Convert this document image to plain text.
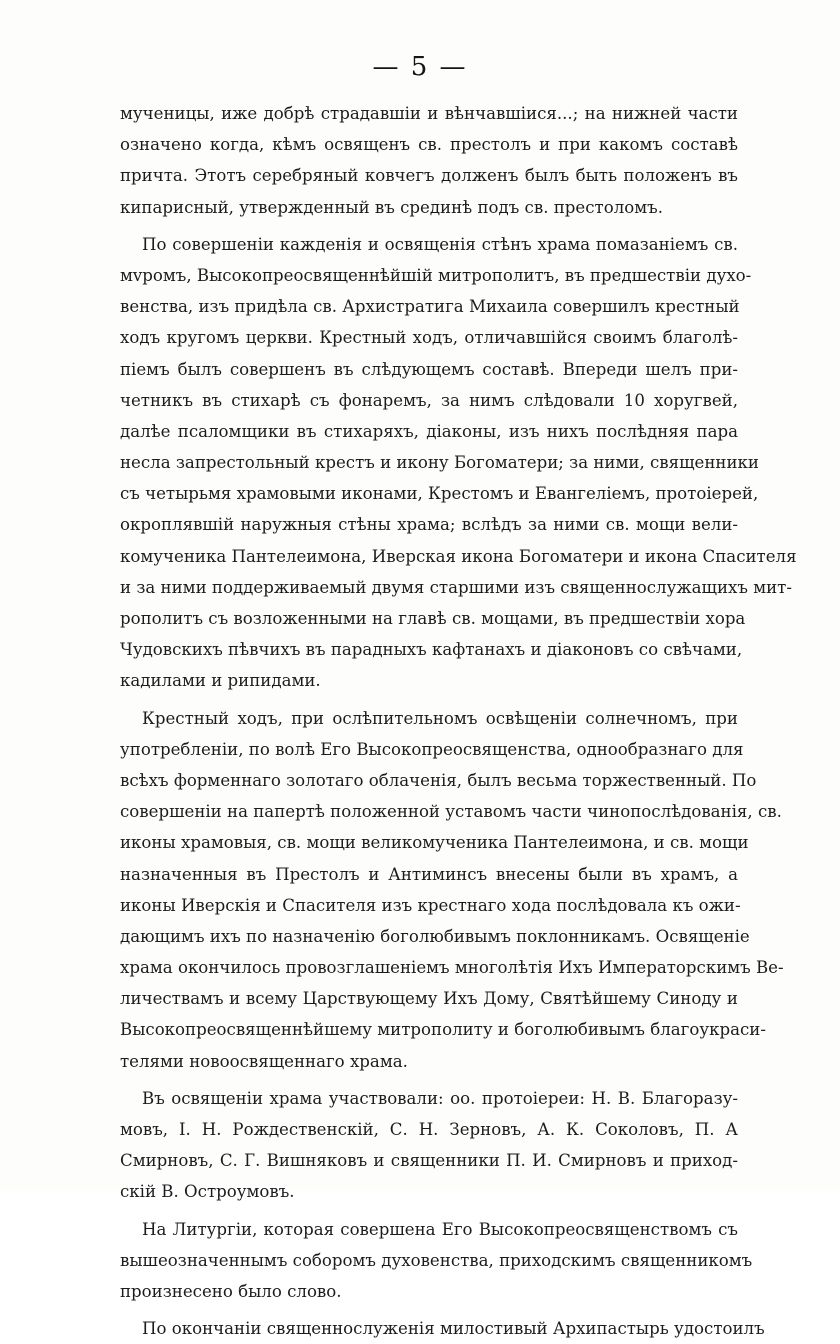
— 5 —
мученицы, иже добрѣ страдавшіи и вѣнчавшіися...; на нижней части
означено когда, кѣмъ освященъ св. престолъ и при какомъ составѣ
причта. Этотъ серебряный ковчегъ долженъ былъ быть положенъ въ
кипарисный, утвержденный въ срединѣ подъ св. престоломъ.
По совершеніи кажденія и освященія стѣнъ храма помазаніемъ св.
мvромъ, Высокопреосвященнѣйшій митрополитъ, въ предшествіи духо-
венства, изъ придѣла св. Архистратига Михаила совершилъ крестный
ходъ кругомъ церкви. Крестный ходъ, отличавшійся своимъ благолѣ-
піемъ былъ совершенъ въ слѣдующемъ составѣ. Впереди шелъ при-
четникъ въ стихарѣ съ фонаремъ, за нимъ слѣдовали 10 хоругвей,
далѣе псаломщики въ стихаряхъ, діаконы, изъ нихъ послѣдняя пара
несла запрестольный крестъ и икону Богоматери; за ними, священники
съ четырьмя храмовыми иконами, Крестомъ и Евангеліемъ, протоіерей,
окроплявшій наружныя стѣны храма; вслѣдъ за ними св. мощи вели-
комученика Пантелеимона, Иверская икона Богоматери и икона Спасителя
и за ними поддерживаемый двумя старшими изъ священнослужащихъ мит-
рополитъ съ возложенными на главѣ св. мощами, въ предшествіи хора
Чудовскихъ пѣвчихъ въ парадныхъ кафтанахъ и діаконовъ со свѣчами,
кадилами и рипидами.
Крестный ходъ, при ослѣпительномъ освѣщеніи солнечномъ, при
употребленіи, по волѣ Его Высокопреосвященства, однообразнаго для
всѣхъ форменнаго золотаго облаченія, былъ весьма торжественный. По
совершеніи на папертѣ положенной уставомъ части чинопослѣдованія, св.
иконы храмовыя, св. мощи великомученика Пантелеимона, и св. мощи
назначенныя въ Престолъ и Антиминсъ внесены были въ храмъ, а
иконы Иверскія и Спасителя изъ крестнаго хода послѣдовала къ ожи-
дающимъ ихъ по назначенію боголюбивымъ поклонникамъ. Освященіе
храма окончилось провозглашеніемъ многолѣтія Ихъ Императорскимъ Ве-
личествамъ и всему Царствующему Ихъ Дому, Святѣйшему Синоду и
Высокопреосвященнѣйшему митрополиту и боголюбивымъ благоукраси-
телями новоосвященнаго храма.
Въ освященіи храма участвовали: оо. протоіереи: Н. В. Благоразу-
мовъ, І. Н. Рождественскій, С. Н. Зерновъ, А. К. Соколовъ, П. А
Смирновъ, С. Г. Вишняковъ и священники П. И. Смирновъ и приход-
скій В. Остроумовъ.
На Литургіи, которая совершена Его Высокопреосвященствомъ съ
вышеозначеннымъ соборомъ духовенства, приходскимъ священникомъ
произнесено было слово.
По окончаніи священнослуженія милостивый Архипастырь удостоилъ
